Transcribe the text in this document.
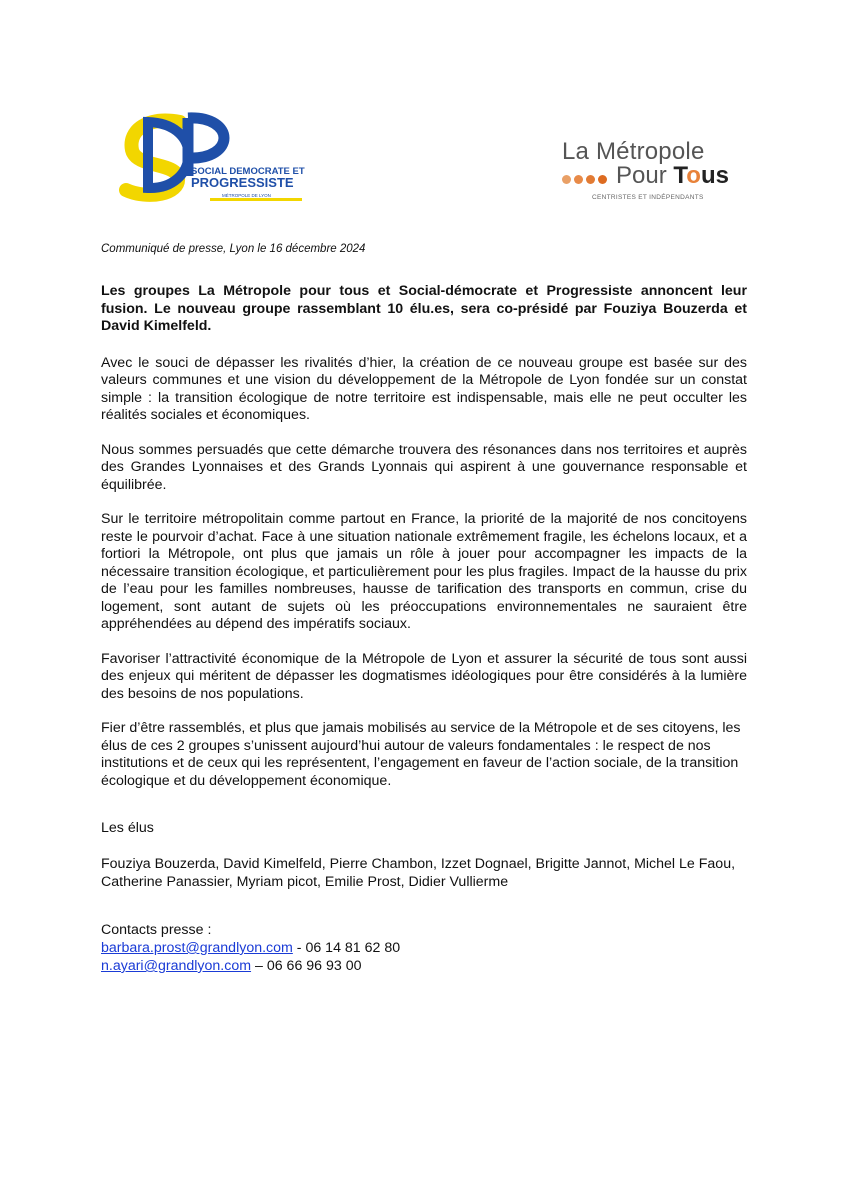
SOCIAL DEMOCRATE ET
PROGRESSISTE
MÉTROPOLE DE LYON
La Métropole
Pour Tous
CENTRISTES ET INDÉPENDANTS

Communiqué de presse, Lyon le 16 décembre 2024

Les groupes La Métropole pour tous et Social-démocrate et Progressiste annoncent leur fusion. Le nouveau groupe rassemblant 10 élu.es, sera co-présidé par Fouziya Bouzerda et David Kimelfeld.

Avec le souci de dépasser les rivalités d’hier, la création de ce nouveau groupe est basée sur des valeurs communes et une vision du développement de la Métropole de Lyon fondée sur un constat simple : la transition écologique de notre territoire est indispensable, mais elle ne peut occulter les réalités sociales et économiques.

Nous sommes persuadés que cette démarche trouvera des résonances dans nos territoires et auprès des Grandes Lyonnaises et des Grands Lyonnais qui aspirent à une gouvernance responsable et équilibrée.

Sur le territoire métropolitain comme partout en France, la priorité de la majorité de nos concitoyens reste le pourvoir d’achat. Face à une situation nationale extrêmement fragile, les échelons locaux, et a fortiori la Métropole, ont plus que jamais un rôle à jouer pour accompagner les impacts de la nécessaire transition écologique, et particulièrement pour les plus fragiles. Impact de la hausse du prix de l’eau pour les familles nombreuses, hausse de tarification des transports en commun, crise du logement, sont autant de sujets où les préoccupations environnementales ne sauraient être appréhendées au dépend des impératifs sociaux.

Favoriser l’attractivité économique de la Métropole de Lyon et assurer la sécurité de tous sont aussi des enjeux qui méritent de dépasser les dogmatismes idéologiques pour être considérés à la lumière des besoins de nos populations.

Fier d’être rassemblés, et plus que jamais mobilisés au service de la Métropole et de ses citoyens, les élus de ces 2 groupes s’unissent aujourd’hui autour de valeurs fondamentales : le respect de nos institutions et de ceux qui les représentent, l’engagement en faveur de l’action sociale, de la transition écologique et du développement économique.

Les élus

Fouziya Bouzerda, David Kimelfeld, Pierre Chambon, Izzet Dognael, Brigitte Jannot, Michel Le Faou, Catherine Panassier, Myriam picot, Emilie Prost, Didier Vullierme

Contacts presse :

barbara.prost@grandlyon.com - 06 14 81 62 80

n.ayari@grandlyon.com – 06 66 96 93 00
